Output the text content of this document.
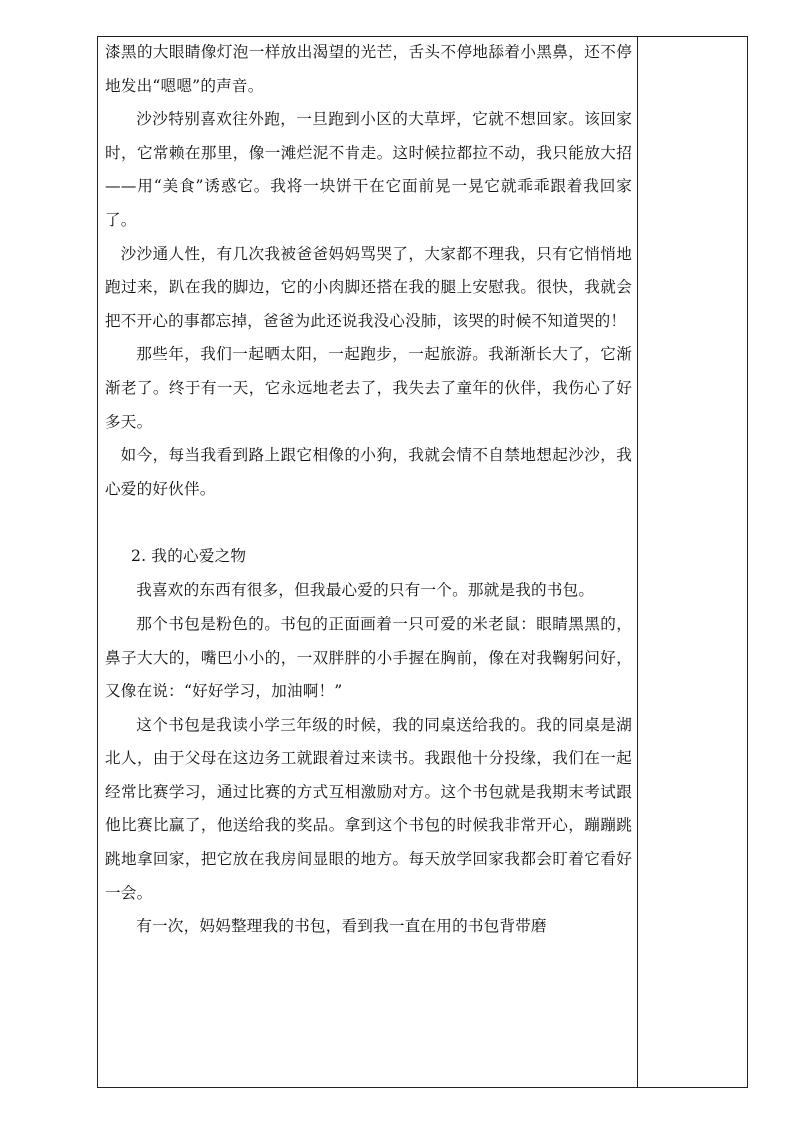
漆黑的大眼睛像灯泡一样放出渴望的光芒，舌头不停地舔着小黑鼻，还不停地发出“嗯嗯”的声音。

沙沙特别喜欢往外跑，一旦跑到小区的大草坪，它就不想回家。该回家时，它常赖在那里，像一滩烂泥不肯走。这时候拉都拉不动，我只能放大招——用“美食”诱惑它。我将一块饼干在它面前晃一晃它就乖乖跟着我回家了。

沙沙通人性，有几次我被爸爸妈妈骂哭了，大家都不理我，只有它悄悄地跑过来，趴在我的脚边，它的小肉脚还搭在我的腿上安慰我。很快，我就会把不开心的事都忘掉，爸爸为此还说我没心没肺，该哭的时候不知道哭的！

那些年，我们一起晒太阳，一起跑步，一起旅游。我渐渐长大了，它渐渐老了。终于有一天，它永远地老去了，我失去了童年的伙伴，我伤心了好多天。

如今，每当我看到路上跟它相像的小狗，我就会情不自禁地想起沙沙，我心爱的好伙伴。

2. 我的心爱之物

我喜欢的东西有很多，但我最心爱的只有一个。那就是我的书包。

那个书包是粉色的。书包的正面画着一只可爱的米老鼠：眼睛黑黑的，鼻子大大的，嘴巴小小的，一双胖胖的小手握在胸前，像在对我鞠躬问好，又像在说：“好好学习，加油啊！”

这个书包是我读小学三年级的时候，我的同桌送给我的。我的同桌是湖北人，由于父母在这边务工就跟着过来读书。我跟他十分投缘，我们在一起经常比赛学习，通过比赛的方式互相激励对方。这个书包就是我期末考试跟他比赛比赢了，他送给我的奖品。拿到这个书包的时候我非常开心，蹦蹦跳跳地拿回家，把它放在我房间显眼的地方。每天放学回家我都会盯着它看好一会。

有一次，妈妈整理我的书包，看到我一直在用的书包背带磨
